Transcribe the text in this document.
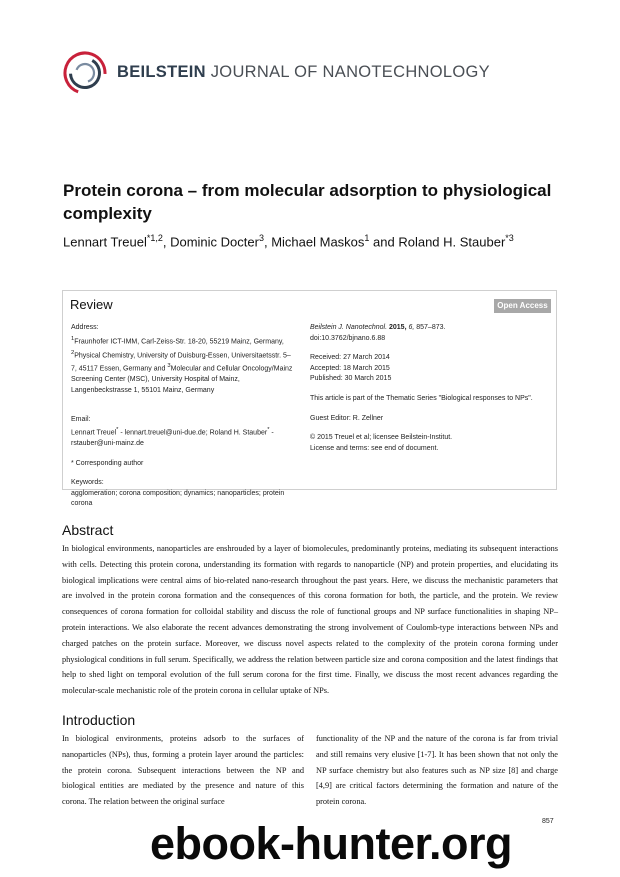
BEILSTEIN JOURNAL OF NANOTECHNOLOGY
Protein corona – from molecular adsorption to physiological complexity
Lennart Treuel$^{*1,2}$, Dominic Docter$^3$, Michael Maskos$^1$ and Roland H. Stauber$^{*3}$
Review	Open Access
Address:
$^1$Fraunhofer ICT-IMM, Carl-Zeiss-Str. 18-20, 55219 Mainz, Germany, $^2$Physical Chemistry, University of Duisburg-Essen, Universitaetsstr. 5–7, 45117 Essen, Germany and $^3$Molecular and Cellular Oncology/Mainz Screening Center (MSC), University Hospital of Mainz, Langenbeckstrasse 1, 55101 Mainz, Germany
Email:
Lennart Treuel* - lennart.treuel@uni-due.de; Roland H. Stauber* - rstauber@uni-mainz.de
* Corresponding author
Keywords:
agglomeration; corona composition; dynamics; nanoparticles; protein corona
Beilstein J. Nanotechnol. 2015, 6, 857–873.
doi:10.3762/bjnano.6.88
Received: 27 March 2014
Accepted: 18 March 2015
Published: 30 March 2015
This article is part of the Thematic Series "Biological responses to NPs".
Guest Editor: R. Zellner
© 2015 Treuel et al; licensee Beilstein-Institut.
License and terms: see end of document.
Abstract
In biological environments, nanoparticles are enshrouded by a layer of biomolecules, predominantly proteins, mediating its subsequent interactions with cells. Detecting this protein corona, understanding its formation with regards to nanoparticle (NP) and protein properties, and elucidating its biological implications were central aims of bio-related nano-research throughout the past years. Here, we discuss the mechanistic parameters that are involved in the protein corona formation and the consequences of this corona formation for both, the particle, and the protein. We review consequences of corona formation for colloidal stability and discuss the role of functional groups and NP surface functionalities in shaping NP–protein interactions. We also elaborate the recent advances demonstrating the strong involvement of Coulomb-type interactions between NPs and charged patches on the protein surface. Moreover, we discuss novel aspects related to the complexity of the protein corona forming under physiological conditions in full serum. Specifically, we address the relation between particle size and corona composition and the latest findings that help to shed light on temporal evolution of the full serum corona for the first time. Finally, we discuss the most recent advances regarding the molecular-scale mechanistic role of the protein corona in cellular uptake of NPs.
Introduction
In biological environments, proteins adsorb to the surfaces of nanoparticles (NPs), thus, forming a protein layer around the particles: the protein corona. Subsequent interactions between the NP and biological entities are mediated by the presence and nature of this corona. The relation between the original surface
functionality of the NP and the nature of the corona is far from trivial and still remains very elusive [1-7]. It has been shown that not only the NP surface chemistry but also features such as NP size [8] and charge [4,9] are critical factors determining the formation and nature of the protein corona.
857
ebook-hunter.org
